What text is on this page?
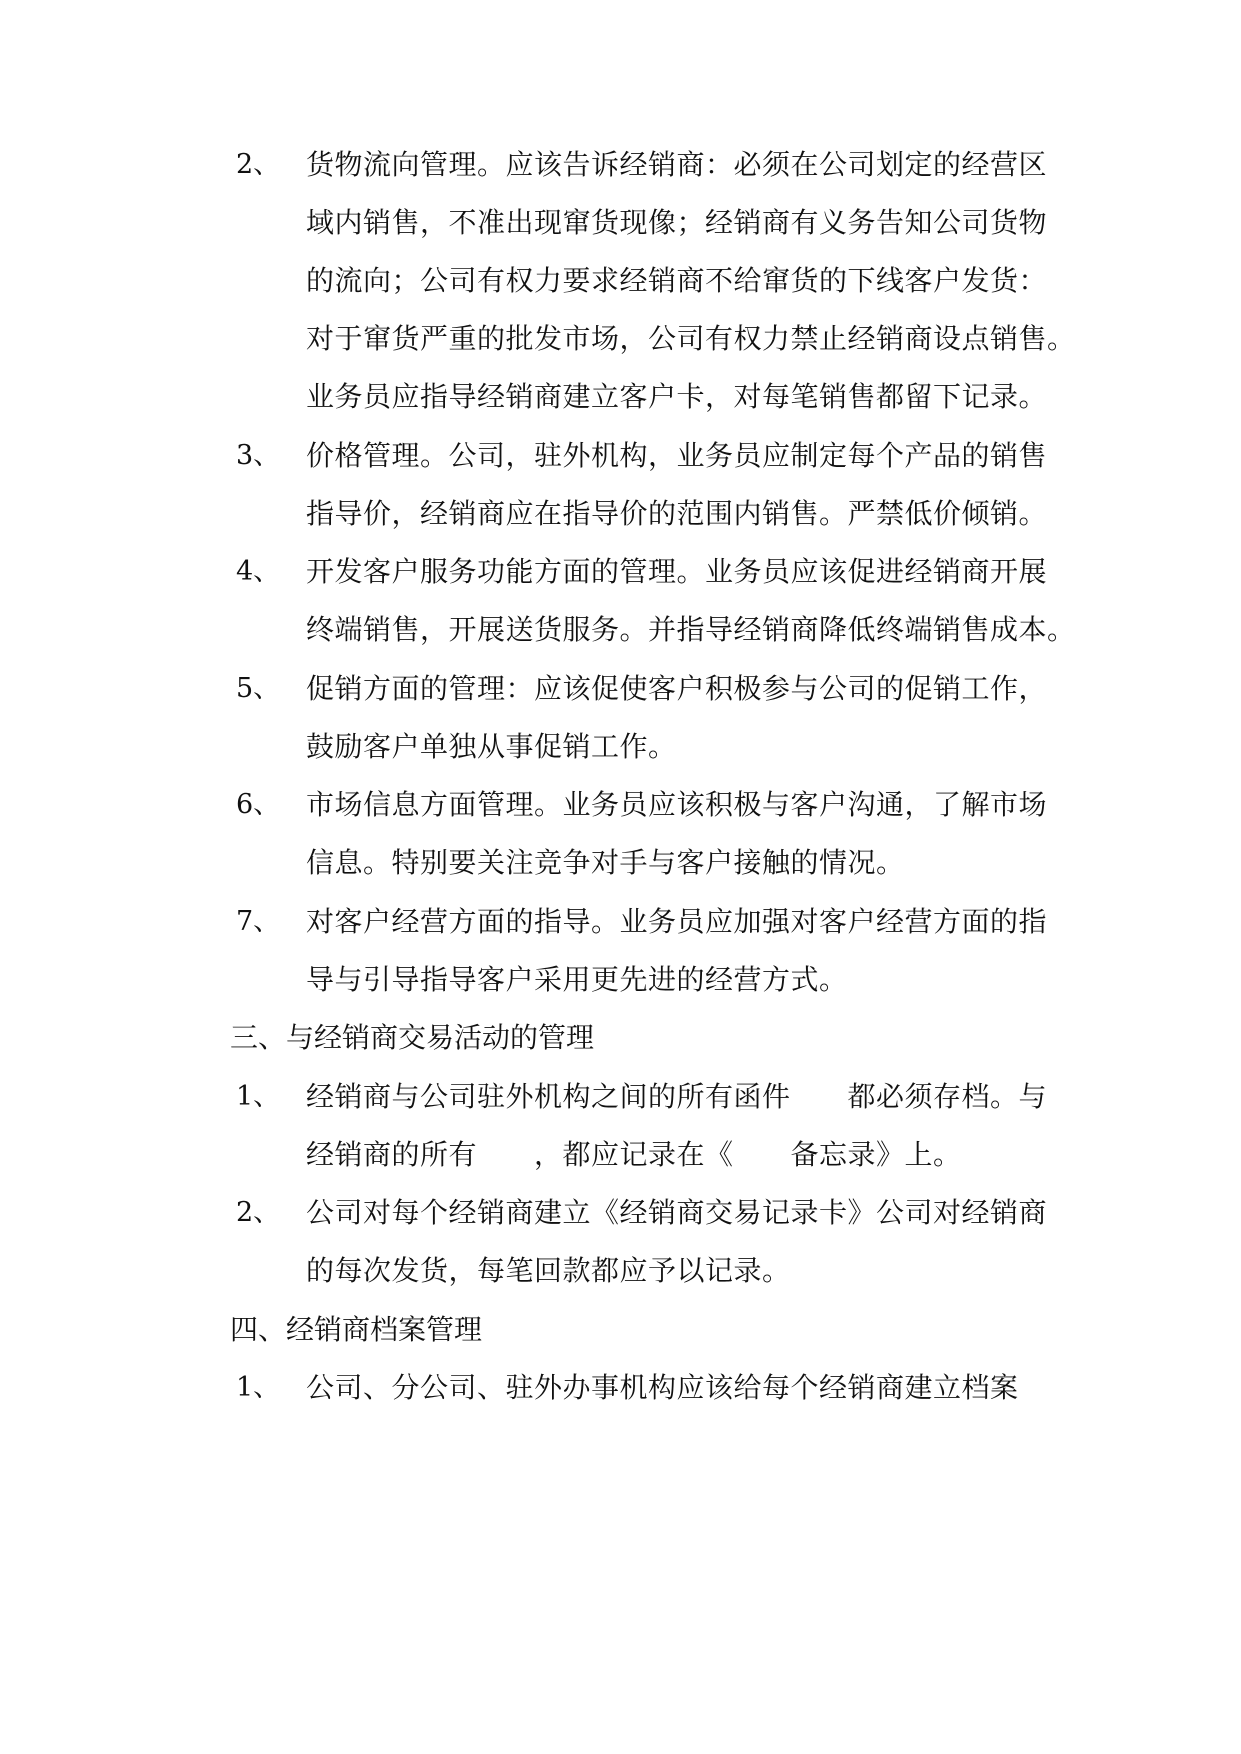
2、 货物流向管理。应该告诉经销商：必须在公司划定的经营区
域内销售，不准出现窜货现像；经销商有义务告知公司货物
的流向；公司有权力要求经销商不给窜货的下线客户发货：
对于窜货严重的批发市场，公司有权力禁止经销商设点销售。
业务员应指导经销商建立客户卡，对每笔销售都留下记录。
3、 价格管理。公司，驻外机构，业务员应制定每个产品的销售
指导价，经销商应在指导价的范围内销售。严禁低价倾销。
4、 开发客户服务功能方面的管理。业务员应该促进经销商开展
终端销售，开展送货服务。并指导经销商降低终端销售成本。
5、 促销方面的管理：应该促使客户积极参与公司的促销工作，
鼓励客户单独从事促销工作。
6、 市场信息方面管理。业务员应该积极与客户沟通，了解市场
信息。特别要关注竞争对手与客户接触的情况。
7、 对客户经营方面的指导。业务员应加强对客户经营方面的指
导与引导指导客户采用更先进的经营方式。
三、与经销商交易活动的管理
1、 经销商与公司驻外机构之间的所有函件　　都必须存档。与
经销商的所有　　，都应记录在《　　备忘录》上。
2、 公司对每个经销商建立《经销商交易记录卡》公司对经销商
的每次发货，每笔回款都应予以记录。
四、经销商档案管理
1、 公司、分公司、驻外办事机构应该给每个经销商建立档案
